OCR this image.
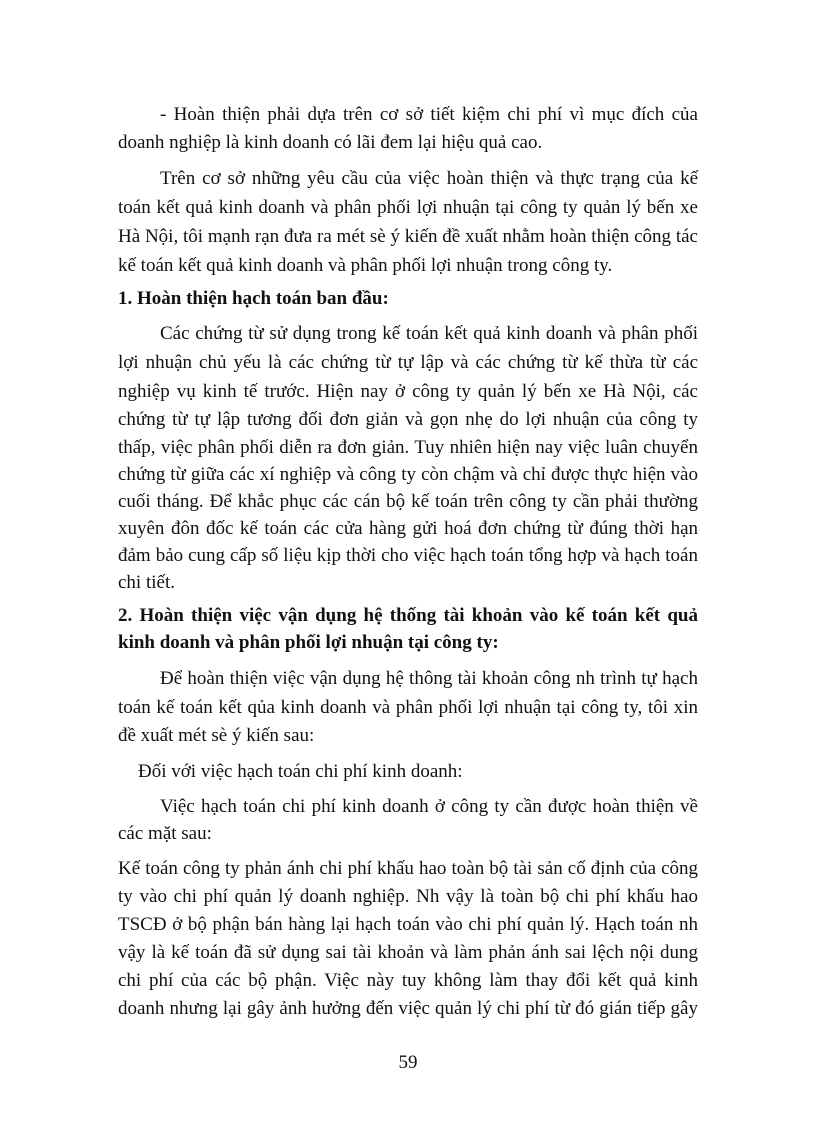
- Hoàn thiện phải dựa trên cơ sở tiết kiệm chi phí vì mục đích của
doanh nghiệp là kinh doanh có lãi đem lại hiệu quả cao.
Trên cơ sở những yêu cầu của việc hoàn thiện và thực trạng của kế
toán kết quả kinh doanh và phân phối lợi nhuận tại công ty quản lý bến xe
Hà Nội, tôi mạnh rạn đưa ra mét sè ý kiến đề xuất nhằm hoàn thiện công tác
kế toán kết quả kinh doanh và phân phối lợi nhuận trong công ty.
1. Hoàn thiện hạch toán ban đầu:
Các chứng từ sử dụng trong kế toán kết quả kinh doanh và phân phối
lợi nhuận chủ yếu là các chứng từ tự lập và các chứng từ kế thừa từ các
nghiệp vụ kinh tế trước. Hiện nay ở công ty quản lý bến xe Hà Nội, các
chứng từ tự lập tương đối đơn giản và gọn nhẹ do lợi nhuận của công ty
thấp, việc phân phối diễn ra đơn giản. Tuy nhiên hiện nay việc luân chuyển
chứng từ giữa các xí nghiệp và công ty còn chậm và chỉ được thực hiện vào
cuối tháng. Để khắc phục các cán bộ kế toán trên công ty cần phải thường
xuyên đôn đốc kế toán các cửa hàng gửi hoá đơn chứng từ đúng thời hạn
đảm bảo cung cấp số liệu kịp thời cho việc hạch toán tổng hợp và hạch toán
chi tiết.
2. Hoàn thiện việc vận dụng hệ thống tài khoản vào kế toán kết quả
kinh doanh và phân phối lợi nhuận tại công ty:
Để hoàn thiện việc vận dụng hệ thông tài khoản công nh trình tự hạch
toán kế toán kết qủa kinh doanh và phân phối lợi nhuận tại công ty, tôi xin
đề xuất mét sè ý kiến sau:
Đối với việc hạch toán chi phí kinh doanh:
Việc hạch toán chi phí kinh doanh ở công ty cần được hoàn thiện về
các mặt sau:
Kế toán công ty phản ánh chi phí khấu hao toàn bộ tài sản cố định của công
ty vào chi phí quản lý doanh nghiệp. Nh vậy là toàn bộ chi phí khấu hao
TSCĐ ở bộ phận bán hàng lại hạch toán vào chi phí quản lý. Hạch toán nh
vậy là kế toán đã sử dụng sai tài khoản và làm phản ánh sai lệch nội dung
chi phí của các bộ phận. Việc này tuy không làm thay đổi kết quả kinh
doanh nhưng lại gây ảnh hưởng đến việc quản lý chi phí từ đó gián tiếp gây
59
